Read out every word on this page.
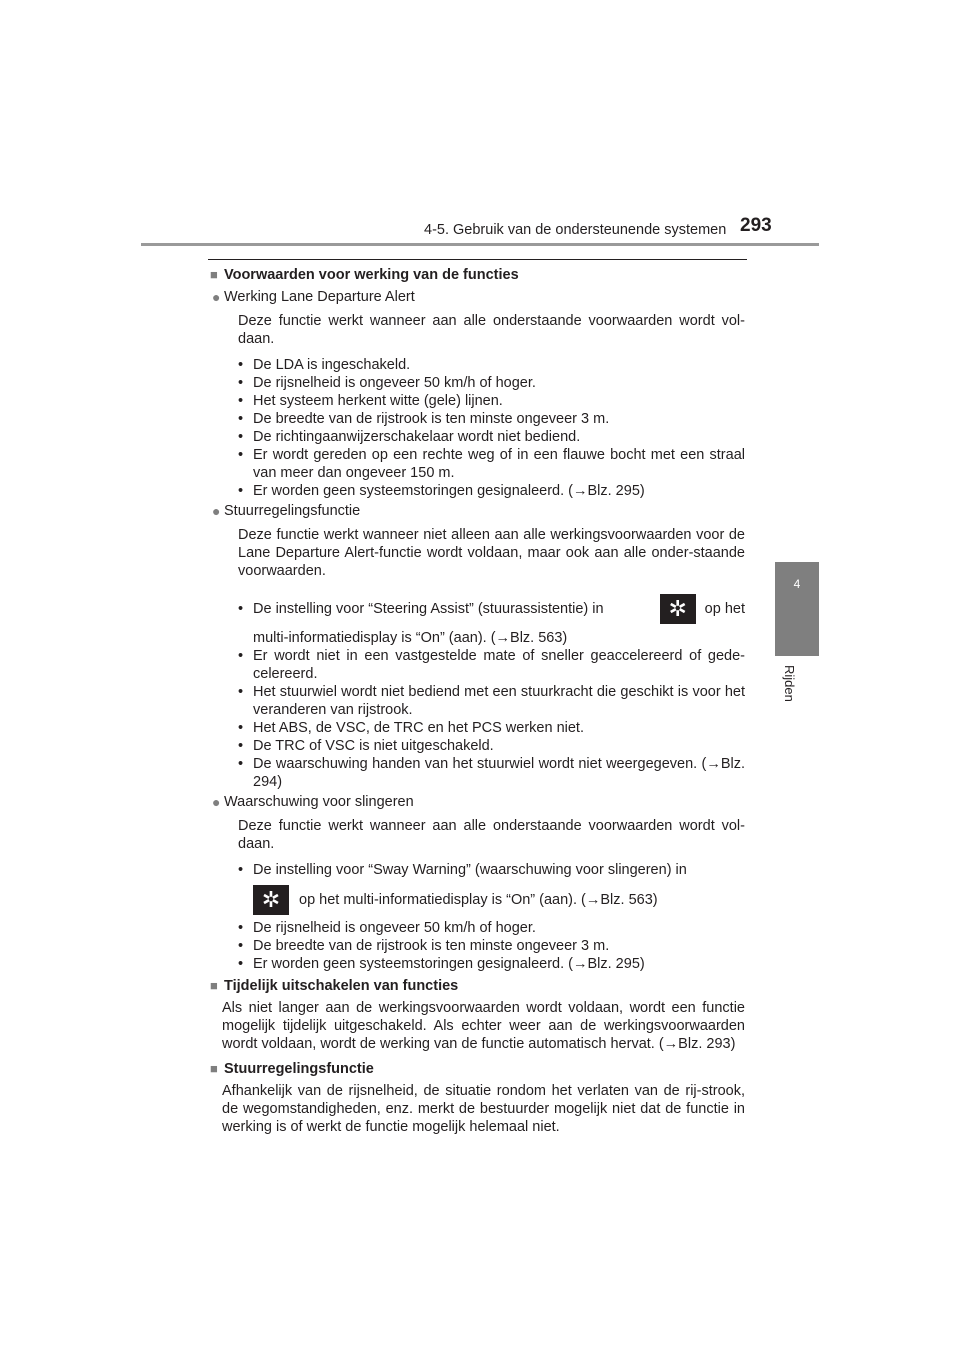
4-5. Gebruik van de ondersteunende systemen 293
4
Rijden
■ Voorwaarden voor werking van de functies
● Werking Lane Departure Alert
Deze functie werkt wanneer aan alle onderstaande voorwaarden wordt vol-daan.
• De LDA is ingeschakeld.
• De rijsnelheid is ongeveer 50 km/h of hoger.
• Het systeem herkent witte (gele) lijnen.
• De breedte van de rijstrook is ten minste ongeveer 3 m.
• De richtingaanwijzerschakelaar wordt niet bediend.
• Er wordt gereden op een rechte weg of in een flauwe bocht met een straal van meer dan ongeveer 150 m.
• Er worden geen systeemstoringen gesignaleerd. (→Blz. 295)
● Stuurregelingsfunctie
Deze functie werkt wanneer niet alleen aan alle werkingsvoorwaarden voor de Lane Departure Alert-functie wordt voldaan, maar ook aan alle onder-staande voorwaarden.
• De instelling voor “Steering Assist” (stuurassistentie) in	✲	op het
multi-informatiedisplay is “On” (aan). (→Blz. 563)
• Er wordt niet in een vastgestelde mate of sneller geaccelereerd of gede-celereerd.
• Het stuurwiel wordt niet bediend met een stuurkracht die geschikt is voor het veranderen van rijstrook.
• Het ABS, de VSC, de TRC en het PCS werken niet.
• De TRC of VSC is niet uitgeschakeld.
• De waarschuwing handen van het stuurwiel wordt niet weergegeven. (→Blz. 294)
● Waarschuwing voor slingeren
Deze functie werkt wanneer aan alle onderstaande voorwaarden wordt vol-daan.
• De instelling voor “Sway Warning” (waarschuwing voor slingeren) in
✲	op het multi-informatiedisplay is “On” (aan). (→Blz. 563)
• De rijsnelheid is ongeveer 50 km/h of hoger.
• De breedte van de rijstrook is ten minste ongeveer 3 m.
• Er worden geen systeemstoringen gesignaleerd. (→Blz. 295)
■ Tijdelijk uitschakelen van functies
Als niet langer aan de werkingsvoorwaarden wordt voldaan, wordt een functie mogelijk tijdelijk uitgeschakeld. Als echter weer aan de werkingsvoorwaarden wordt voldaan, wordt de werking van de functie automatisch hervat. (→Blz. 293)
■ Stuurregelingsfunctie
Afhankelijk van de rijsnelheid, de situatie rondom het verlaten van de rij-strook, de wegomstandigheden, enz. merkt de bestuurder mogelijk niet dat de functie in werking is of werkt de functie mogelijk helemaal niet.
